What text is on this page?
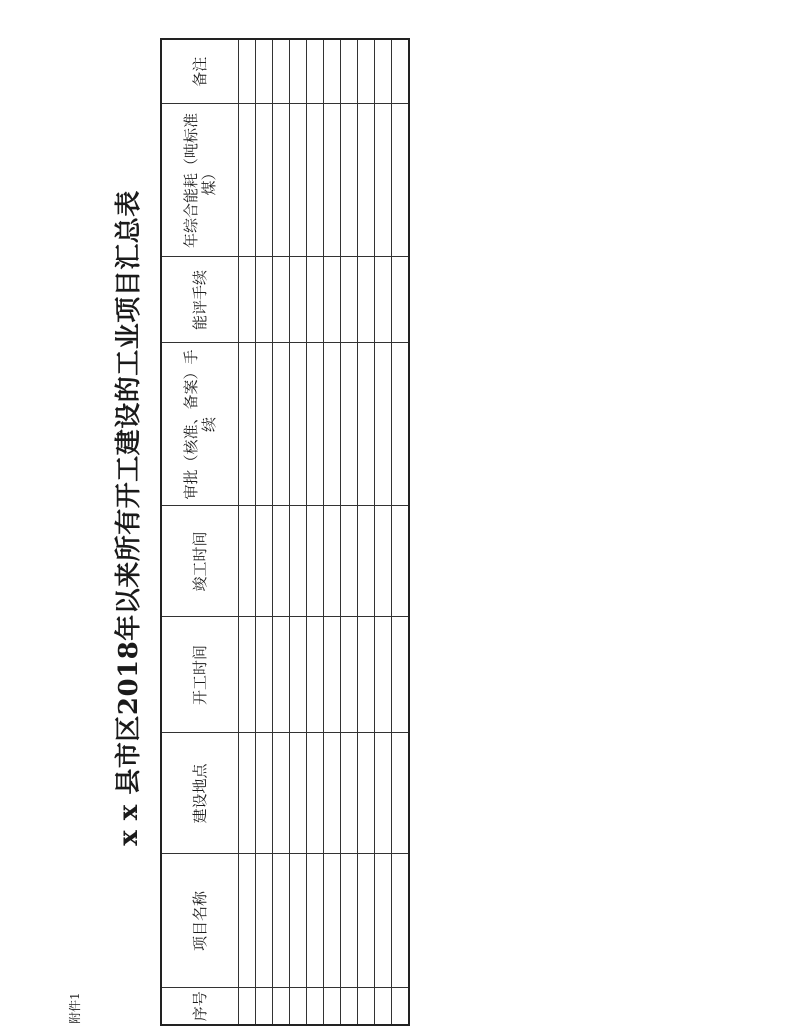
附件1
x x 县市区2018年以来所有开工建设的工业项目汇总表
序号	项目名称	建设地点	开工时间	竣工时间	审批（核准、备案）手续	能评手续	年综合能耗（吨标准煤）	备注
